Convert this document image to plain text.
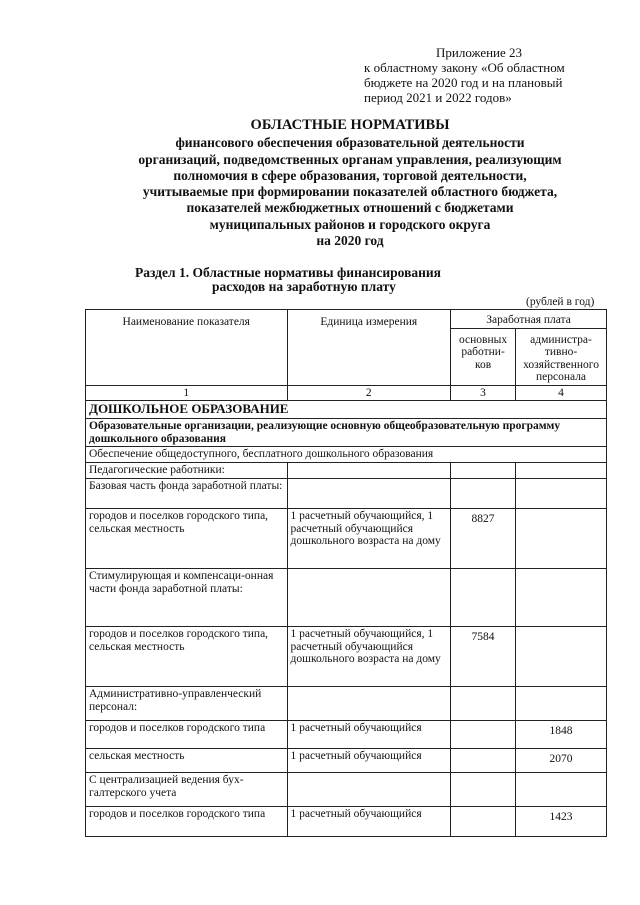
Приложение 23
к областному закону «Об областном
бюджете на 2020 год и на плановый
период 2021 и 2022 годов»
ОБЛАСТНЫЕ НОРМАТИВЫ
финансового обеспечения образовательной деятельности
организаций, подведомственных органам управления, реализующим
полномочия в сфере образования, торговой деятельности,
учитываемые при формировании показателей областного бюджета,
показателей межбюджетных отношений с бюджетами
муниципальных районов и городского округа
на 2020 год
Раздел 1. Областные нормативы финансирования
расходов на заработную плату
(рублей в год)
Наименование показателя	Единица измерения	Заработная плата	
		основных работни-ков	администра-тивно-хозяйственного персонала
1	2	3	4
ДОШКОЛЬНОЕ ОБРАЗОВАНИЕ			
Образовательные организации, реализующие основную общеобразовательную программу дошкольного образования			
Обеспечение общедоступного, бесплатного дошкольного образования			
Педагогические работники:			
Базовая часть фонда заработной платы:			
городов и поселков городского типа, сельская местность	1 расчетный обучающийся, 1 расчетный обучающийся дошкольного возраста на дому	8827	
Стимулирующая и компенсаци-онная части фонда заработной платы:			
городов и поселков городского типа, сельская местность	1 расчетный обучающийся, 1 расчетный обучающийся дошкольного возраста на дому	7584	
Административно-управленческий персонал:			
городов и поселков городского типа	1 расчетный обучающийся		1848
сельская местность	1 расчетный обучающийся		2070
С централизацией ведения бух-галтерского учета			
городов и поселков городского типа	1 расчетный обучающийся		1423
